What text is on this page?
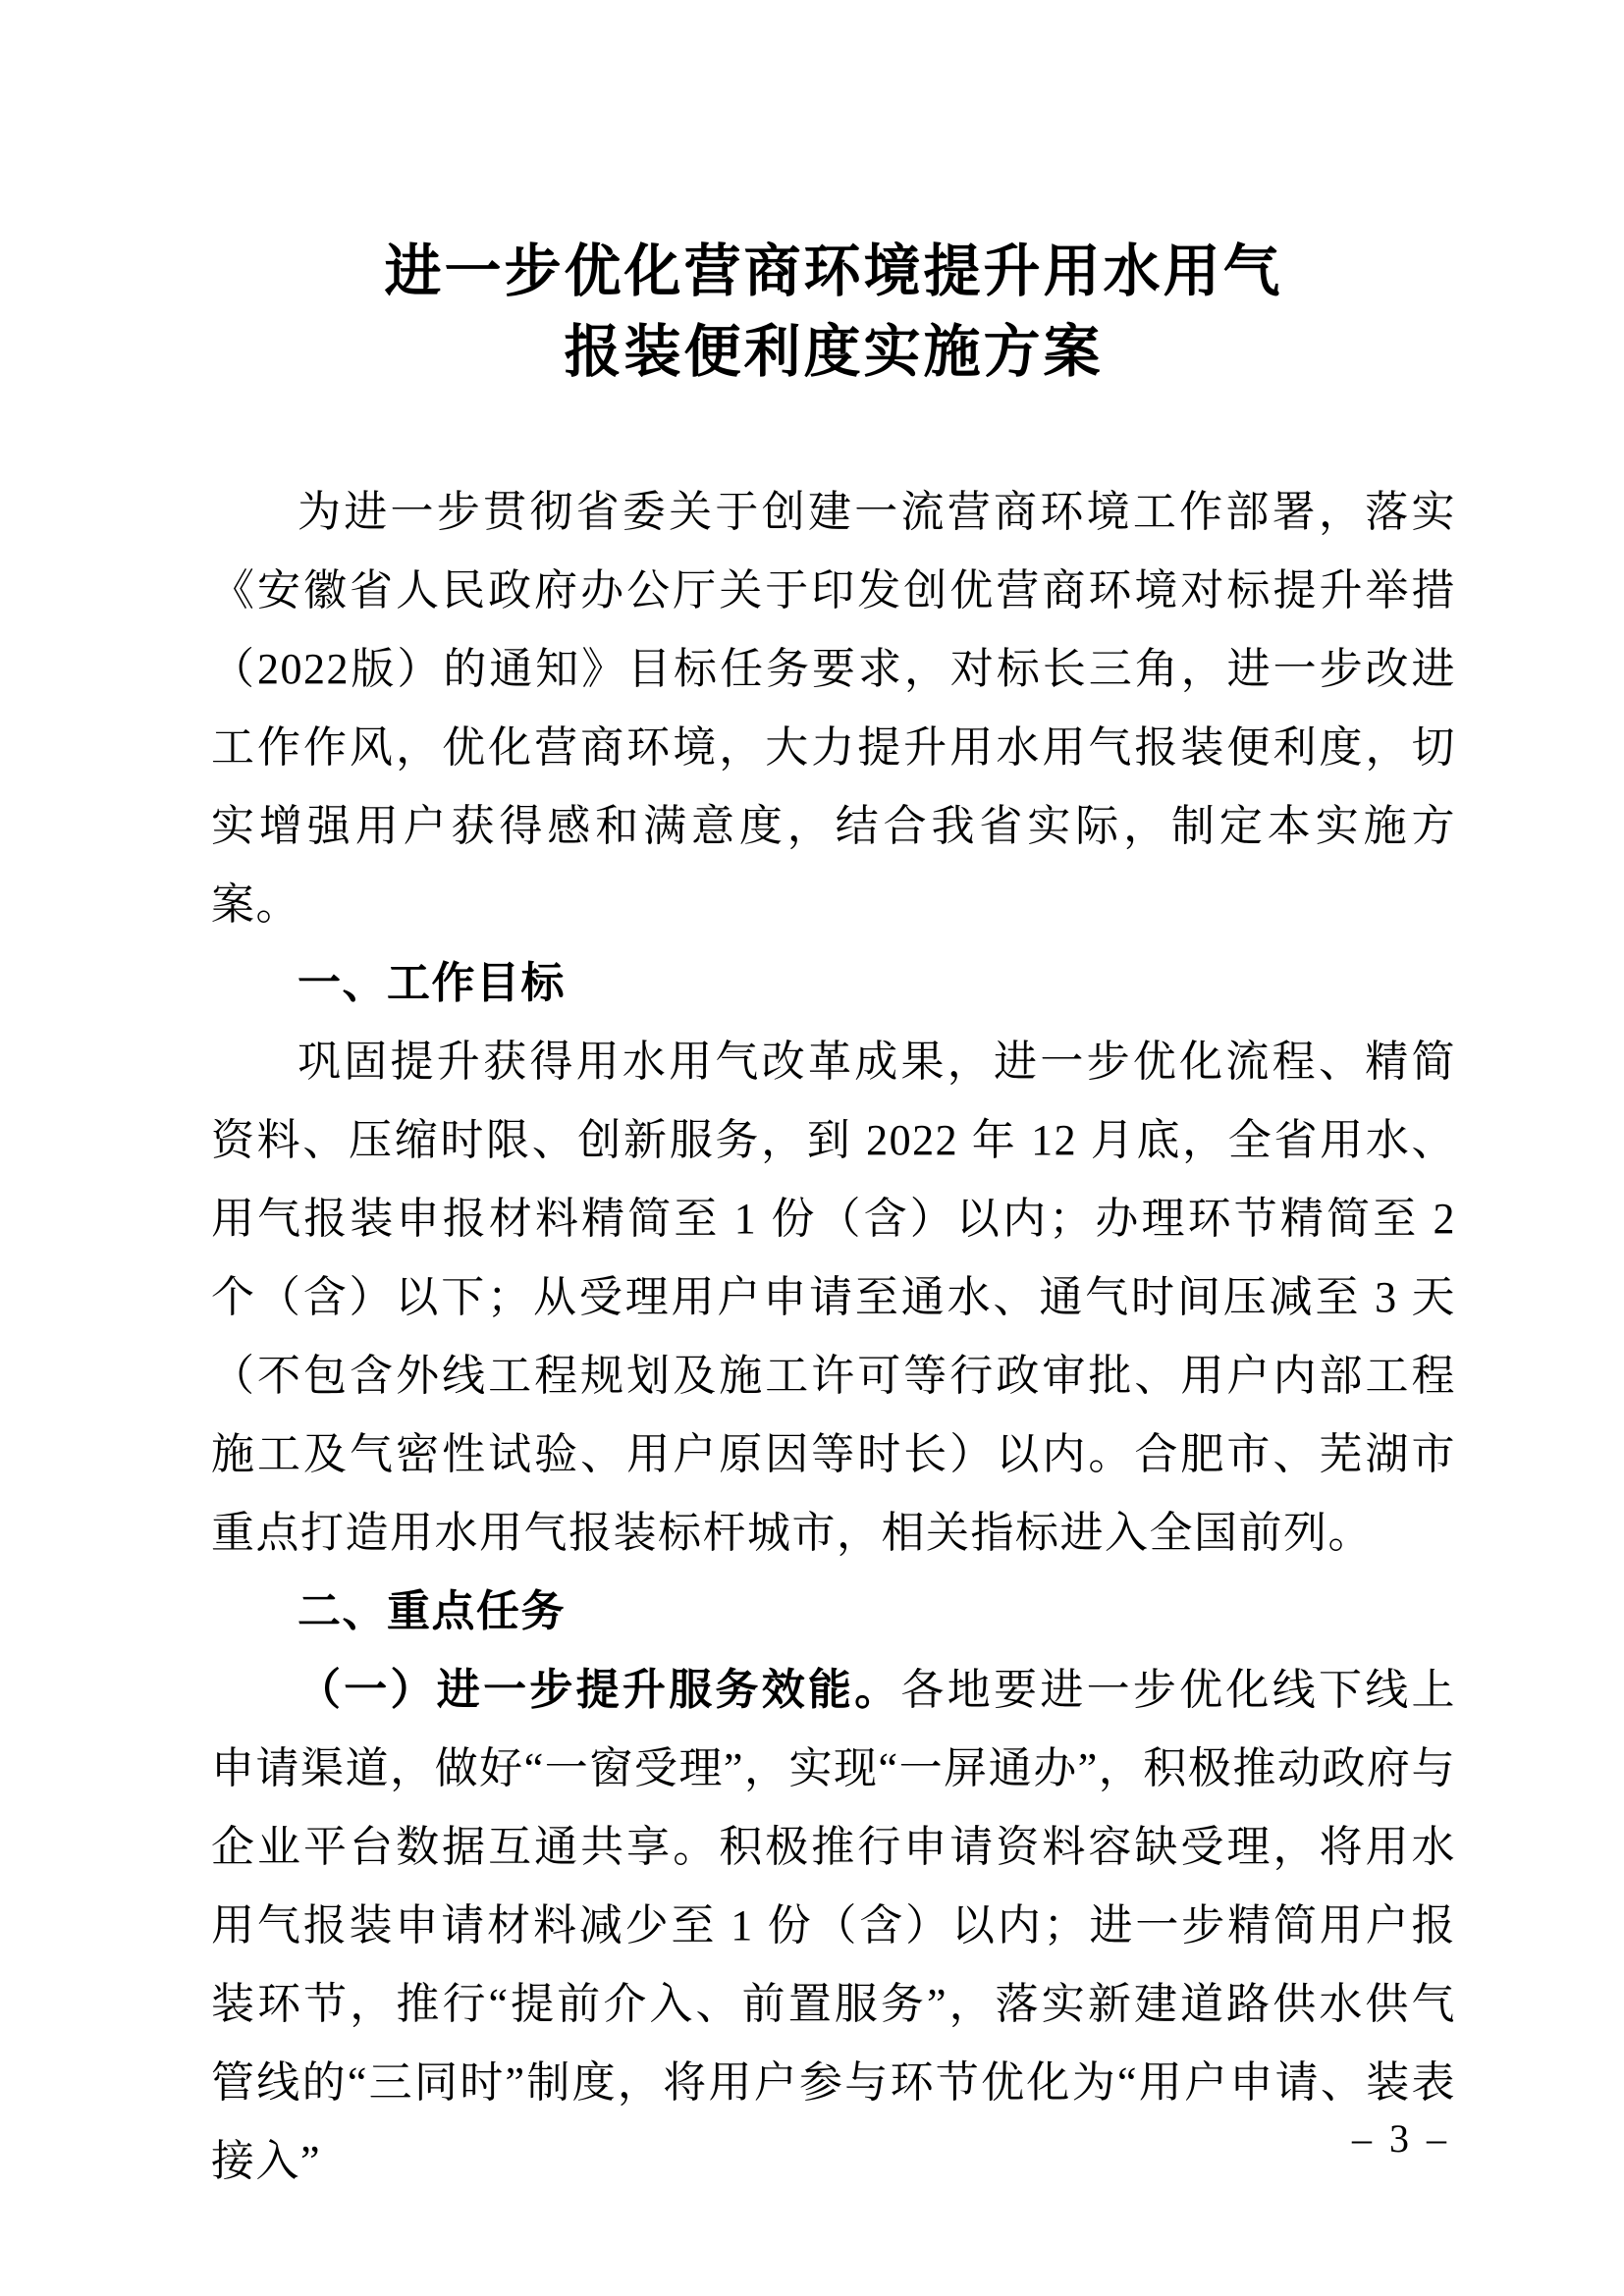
进一步优化营商环境提升用水用气
报装便利度实施方案

为进一步贯彻省委关于创建一流营商环境工作部署，落实《安徽省人民政府办公厅关于印发创优营商环境对标提升举措（2022版）的通知》目标任务要求，对标长三角，进一步改进工作作风，优化营商环境，大力提升用水用气报装便利度，切实增强用户获得感和满意度，结合我省实际，制定本实施方案。

一、工作目标

巩固提升获得用水用气改革成果，进一步优化流程、精简资料、压缩时限、创新服务，到 2022 年 12 月底，全省用水、用气报装申报材料精简至 1 份（含）以内；办理环节精简至 2 个（含）以下；从受理用户申请至通水、通气时间压减至 3 天（不包含外线工程规划及施工许可等行政审批、用户内部工程施工及气密性试验、用户原因等时长）以内。合肥市、芜湖市重点打造用水用气报装标杆城市，相关指标进入全国前列。

二、重点任务

（一）进一步提升服务效能。各地要进一步优化线下线上申请渠道，做好“一窗受理”，实现“一屏通办”，积极推动政府与企业平台数据互通共享。积极推行申请资料容缺受理，将用水用气报装申请材料减少至 1 份（含）以内；进一步精简用户报装环节，推行“提前介入、前置服务”，落实新建道路供水供气管线的“三同时”制度，将用户参与环节优化为“用户申请、装表接入”	– 3 –
